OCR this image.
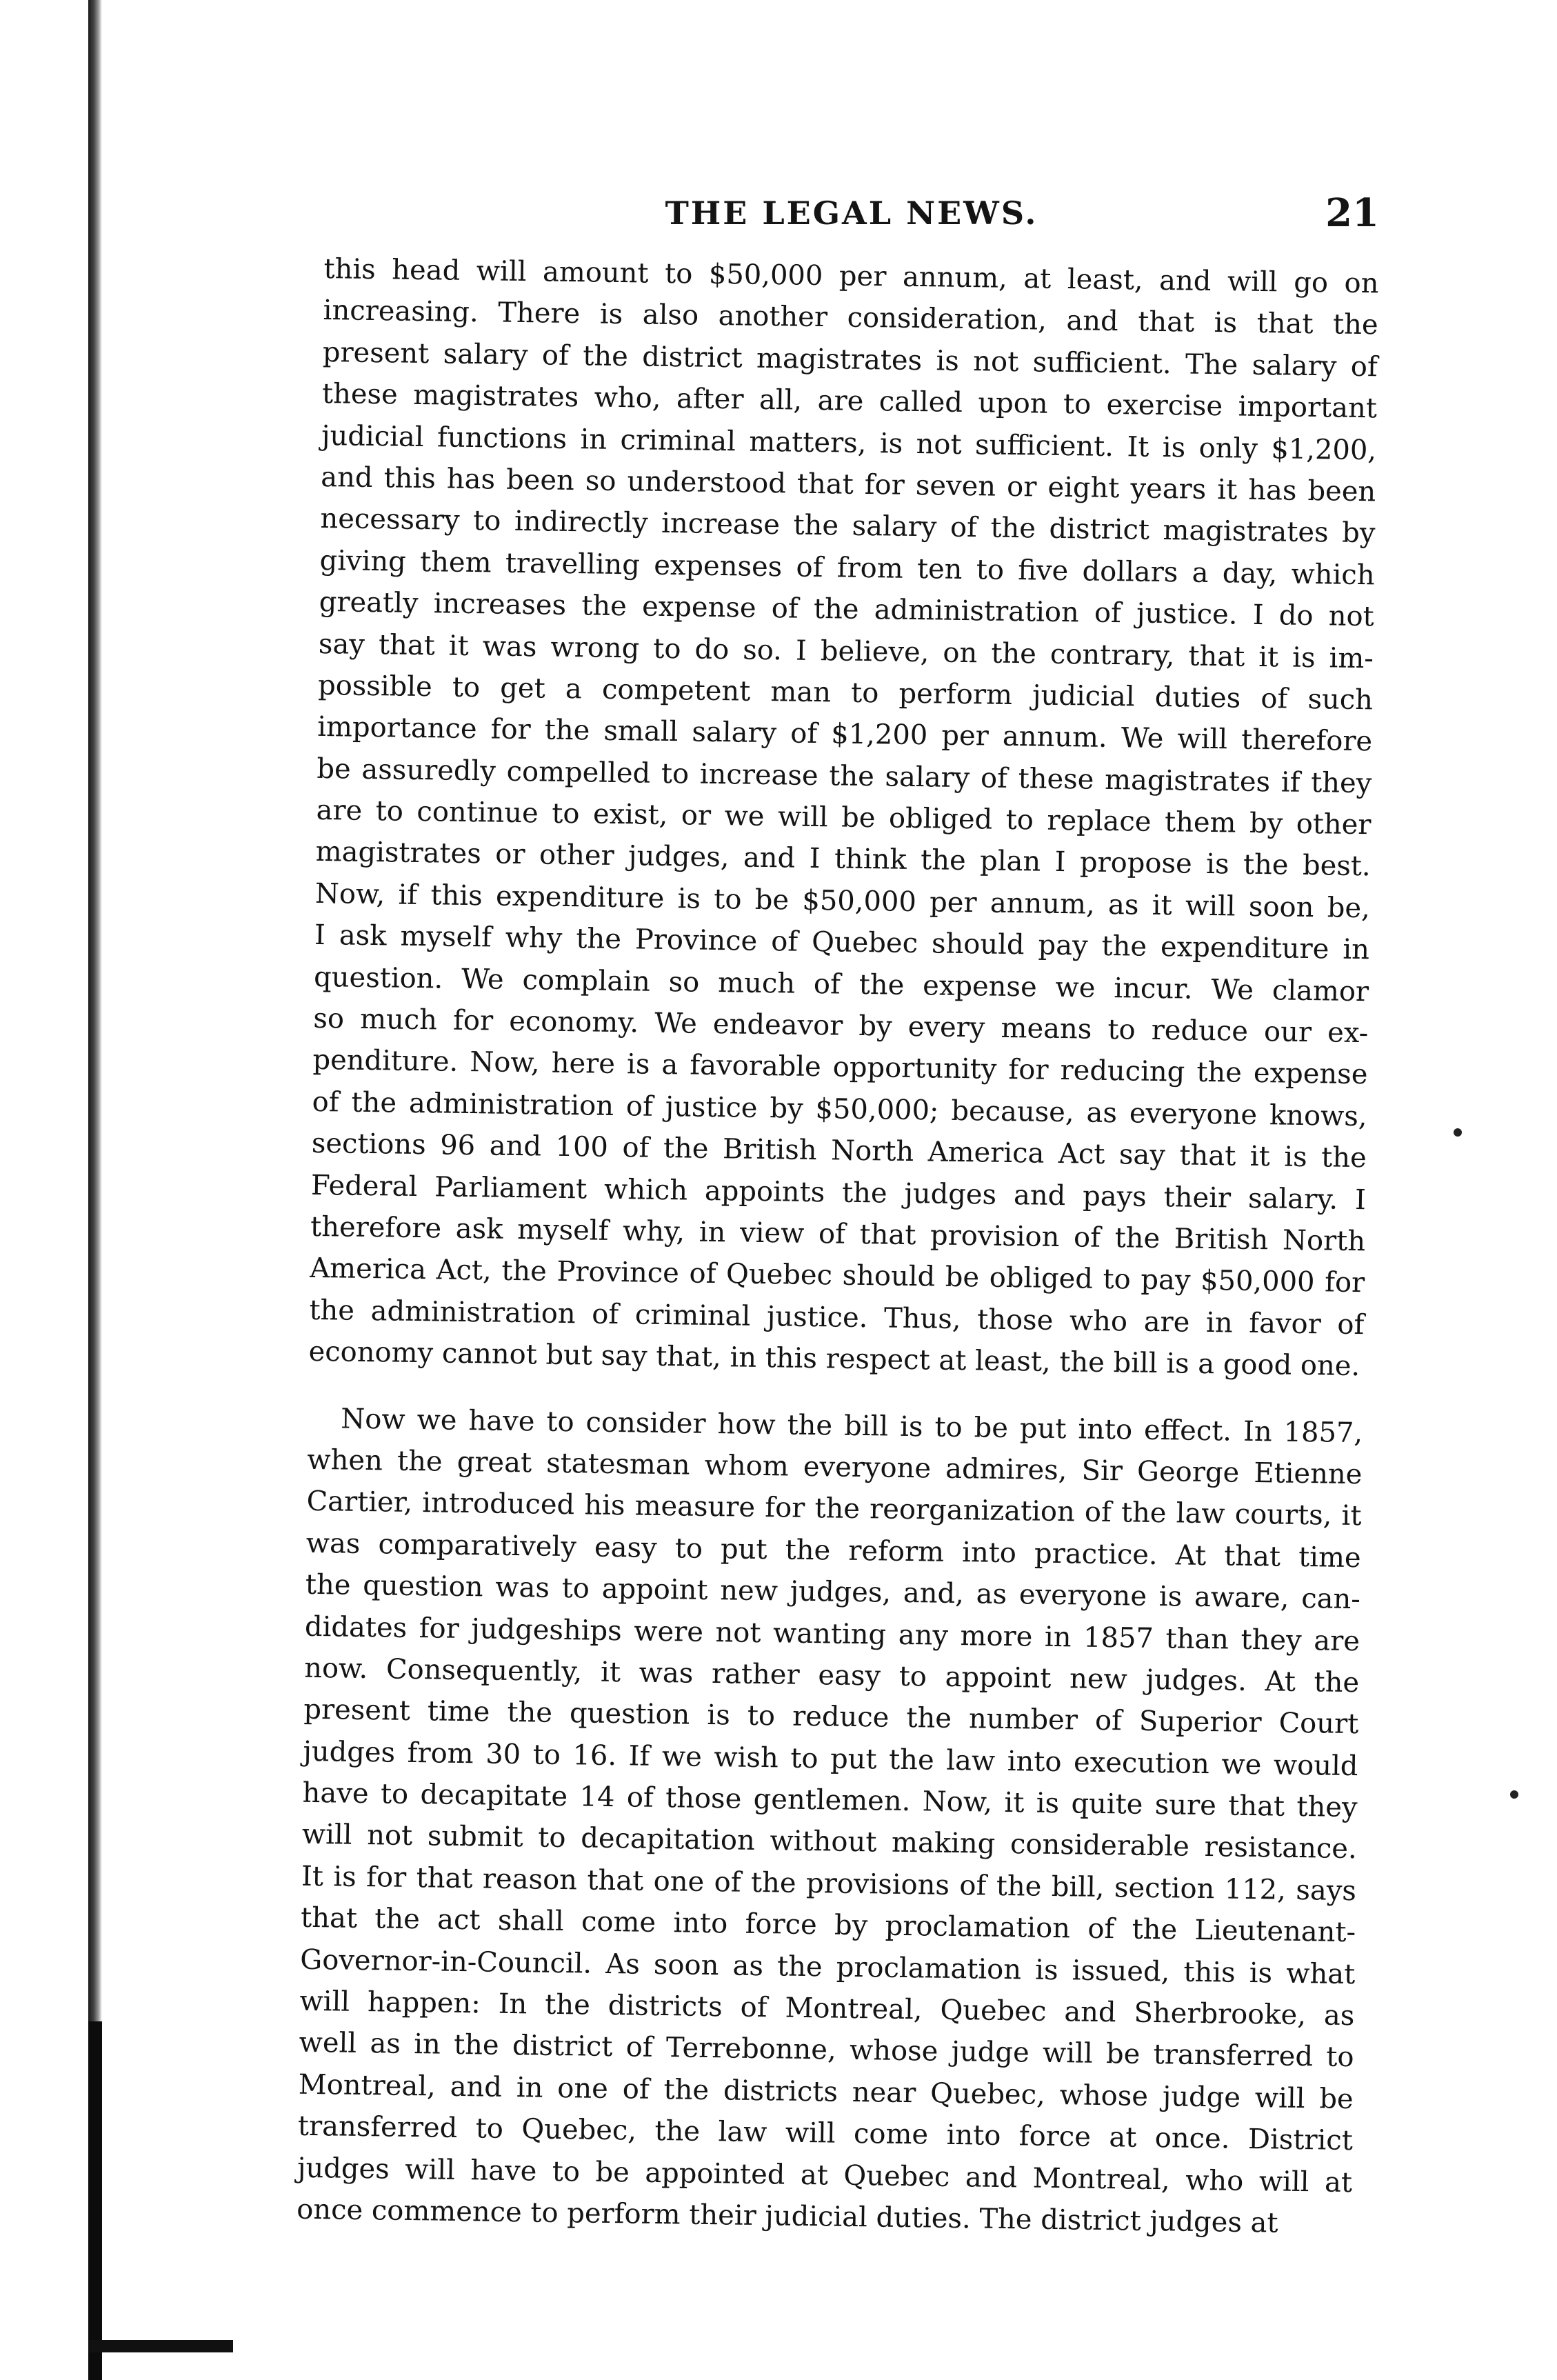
THE LEGAL NEWS.	21
this head will amount to $50,000 per annum, at least, and will go on
increasing. There is also another consideration, and that is that the
present salary of the district magistrates is not sufficient. The salary of
these magistrates who, after all, are called upon to exercise important
judicial functions in criminal matters, is not sufficient. It is only $1,200,
and this has been so understood that for seven or eight years it has been
necessary to indirectly increase the salary of the district magistrates by
giving them travelling expenses of from ten to five dollars a day, which
greatly increases the expense of the administration of justice. I do not
say that it was wrong to do so. I believe, on the contrary, that it is im-
possible to get a competent man to perform judicial duties of such
importance for the small salary of $1,200 per annum. We will therefore
be assuredly compelled to increase the salary of these magistrates if they
are to continue to exist, or we will be obliged to replace them by other
magistrates or other judges, and I think the plan I propose is the best.
Now, if this expenditure is to be $50,000 per annum, as it will soon be,
I ask myself why the Province of Quebec should pay the expenditure in
question. We complain so much of the expense we incur. We clamor
so much for economy. We endeavor by every means to reduce our ex-
penditure. Now, here is a favorable opportunity for reducing the expense
of the administration of justice by $50,000; because, as everyone knows,
sections 96 and 100 of the British North America Act say that it is the
Federal Parliament which appoints the judges and pays their salary. I
therefore ask myself why, in view of that provision of the British North
America Act, the Province of Quebec should be obliged to pay $50,000 for
the administration of criminal justice. Thus, those who are in favor of
economy cannot but say that, in this respect at least, the bill is a good one.
Now we have to consider how the bill is to be put into effect. In 1857,
when the great statesman whom everyone admires, Sir George Etienne
Cartier, introduced his measure for the reorganization of the law courts, it
was comparatively easy to put the reform into practice. At that time
the question was to appoint new judges, and, as everyone is aware, can-
didates for judgeships were not wanting any more in 1857 than they are
now. Consequently, it was rather easy to appoint new judges. At the
present time the question is to reduce the number of Superior Court
judges from 30 to 16. If we wish to put the law into execution we would
have to decapitate 14 of those gentlemen. Now, it is quite sure that they
will not submit to decapitation without making considerable resistance.
It is for that reason that one of the provisions of the bill, section 112, says
that the act shall come into force by proclamation of the Lieutenant-
Governor-in-Council. As soon as the proclamation is issued, this is what
will happen: In the districts of Montreal, Quebec and Sherbrooke, as
well as in the district of Terrebonne, whose judge will be transferred to
Montreal, and in one of the districts near Quebec, whose judge will be
transferred to Quebec, the law will come into force at once. District
judges will have to be appointed at Quebec and Montreal, who will at
once commence to perform their judicial duties. The district judges at
